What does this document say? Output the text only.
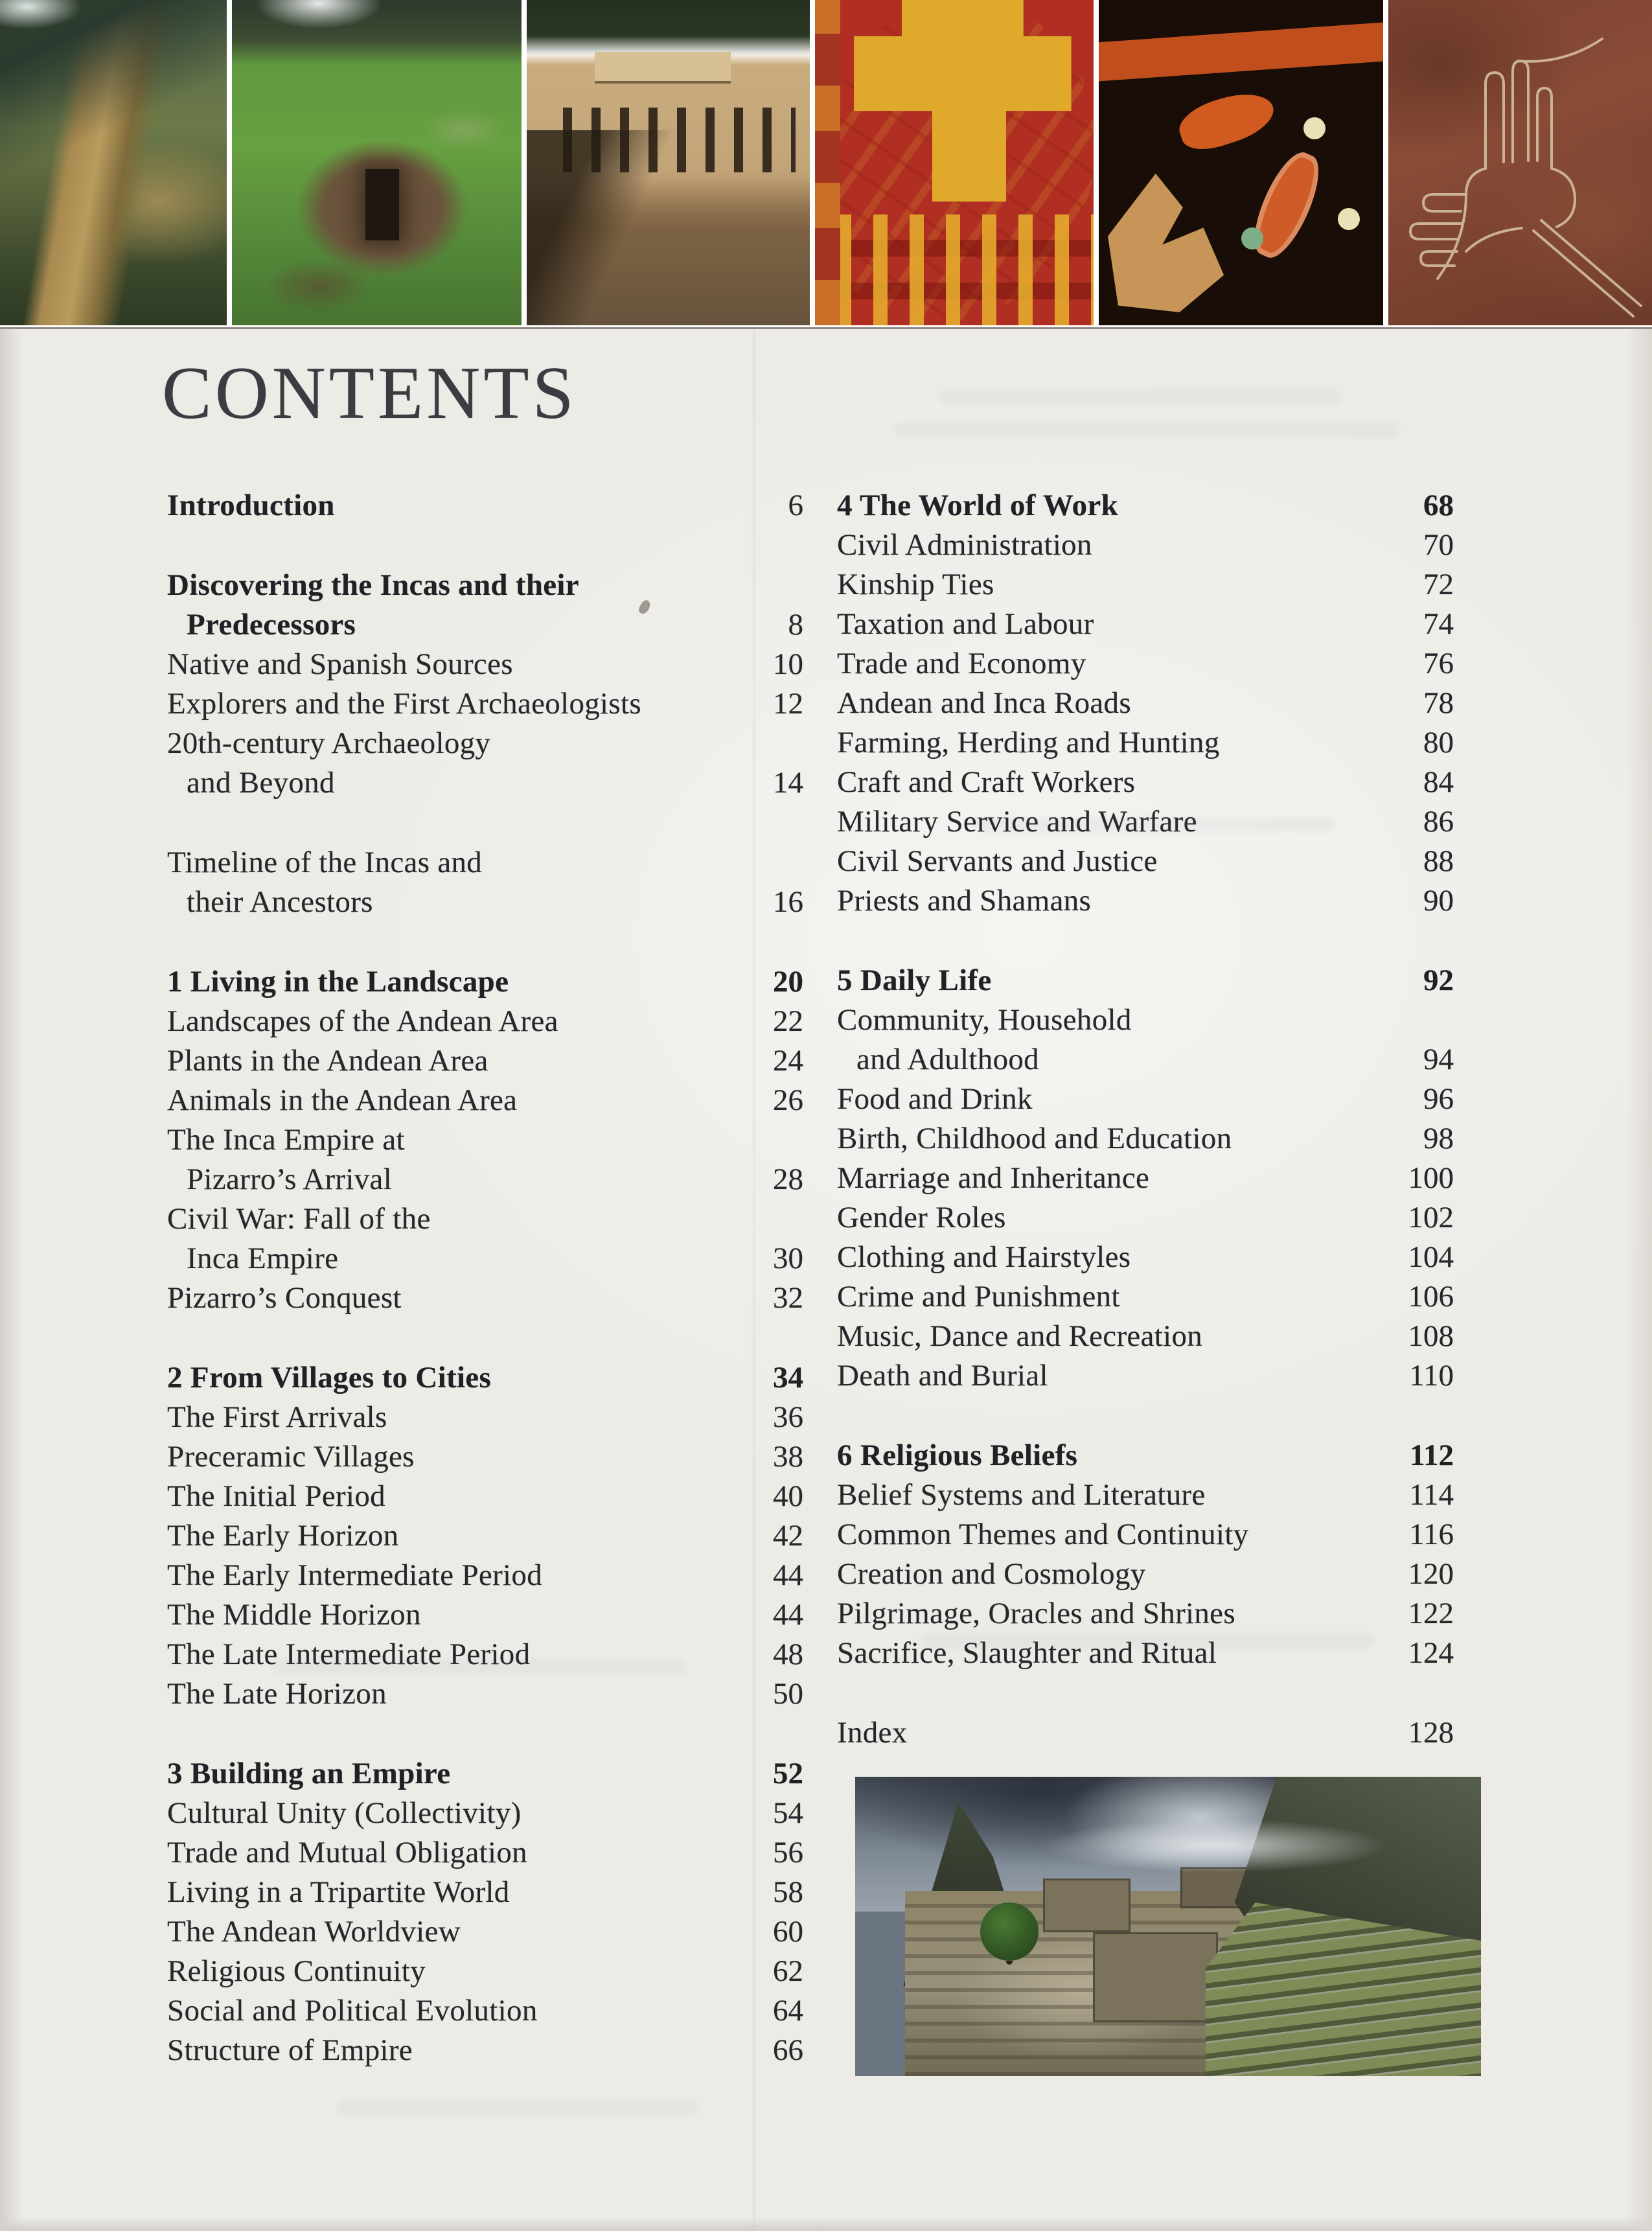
CONTENTS
Introduction	6
Discovering the Incas and their
Predecessors	8
Native and Spanish Sources	10
Explorers and the First Archaeologists	12
20th-century Archaeology
and Beyond	14
Timeline of the Incas and
their Ancestors	16
1 Living in the Landscape	20
Landscapes of the Andean Area	22
Plants in the Andean Area	24
Animals in the Andean Area	26
The Inca Empire at
Pizarro’s Arrival	28
Civil War: Fall of the
Inca Empire	30
Pizarro’s Conquest	32
2 From Villages to Cities	34
The First Arrivals	36
Preceramic Villages	38
The Initial Period	40
The Early Horizon	42
The Early Intermediate Period	44
The Middle Horizon	44
The Late Intermediate Period	48
The Late Horizon	50
3 Building an Empire	52
Cultural Unity (Collectivity)	54
Trade and Mutual Obligation	56
Living in a Tripartite World	58
The Andean Worldview	60
Religious Continuity	62
Social and Political Evolution	64
Structure of Empire	66
4 The World of Work	68
Civil Administration	70
Kinship Ties	72
Taxation and Labour	74
Trade and Economy	76
Andean and Inca Roads	78
Farming, Herding and Hunting	80
Craft and Craft Workers	84
Military Service and Warfare	86
Civil Servants and Justice	88
Priests and Shamans	90
5 Daily Life	92
Community, Household
and Adulthood	94
Food and Drink	96
Birth, Childhood and Education	98
Marriage and Inheritance	100
Gender Roles	102
Clothing and Hairstyles	104
Crime and Punishment	106
Music, Dance and Recreation	108
Death and Burial	110
6 Religious Beliefs	112
Belief Systems and Literature	114
Common Themes and Continuity	116
Creation and Cosmology	120
Pilgrimage, Oracles and Shrines	122
Sacrifice, Slaughter and Ritual	124
Index	128
